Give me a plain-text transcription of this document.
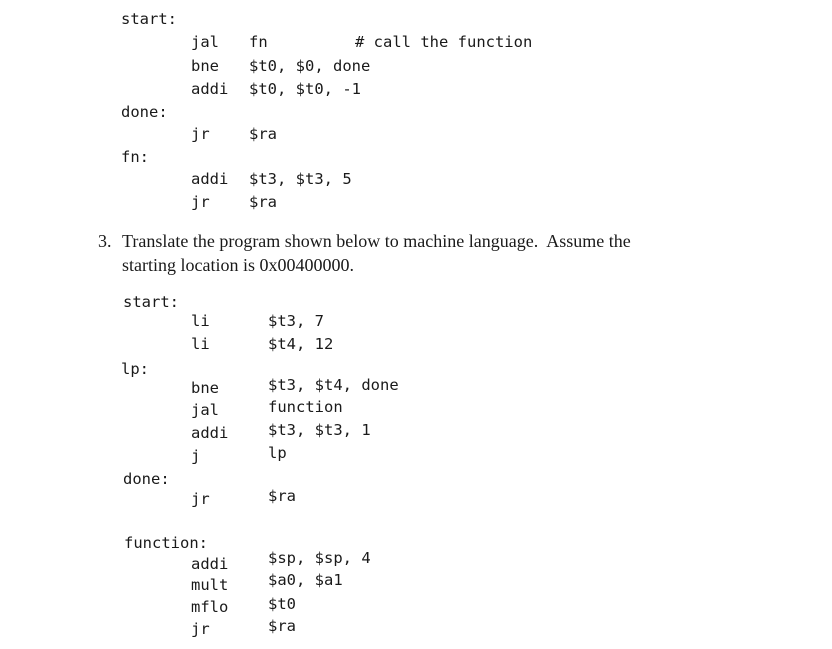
start:
jal fn	# call the function
bne $t0, $0, done
addi $t0, $t0, -1
done:
jr	$ra
fn:
addi $t3, $t3, 5
jr	$ra
3. Translate the program shown below to machine language.  Assume the
starting location is 0x00400000.
start:
li	$t3, 7
li	$t4, 12
lp:
bne	$t3, $t4, done
jal	function
addi	$t3, $t3, 1
j	lp
done:
jr	$ra
function:
addi	$sp, $sp, 4
mult	$a0, $a1
mflo	$t0
jr	$ra
